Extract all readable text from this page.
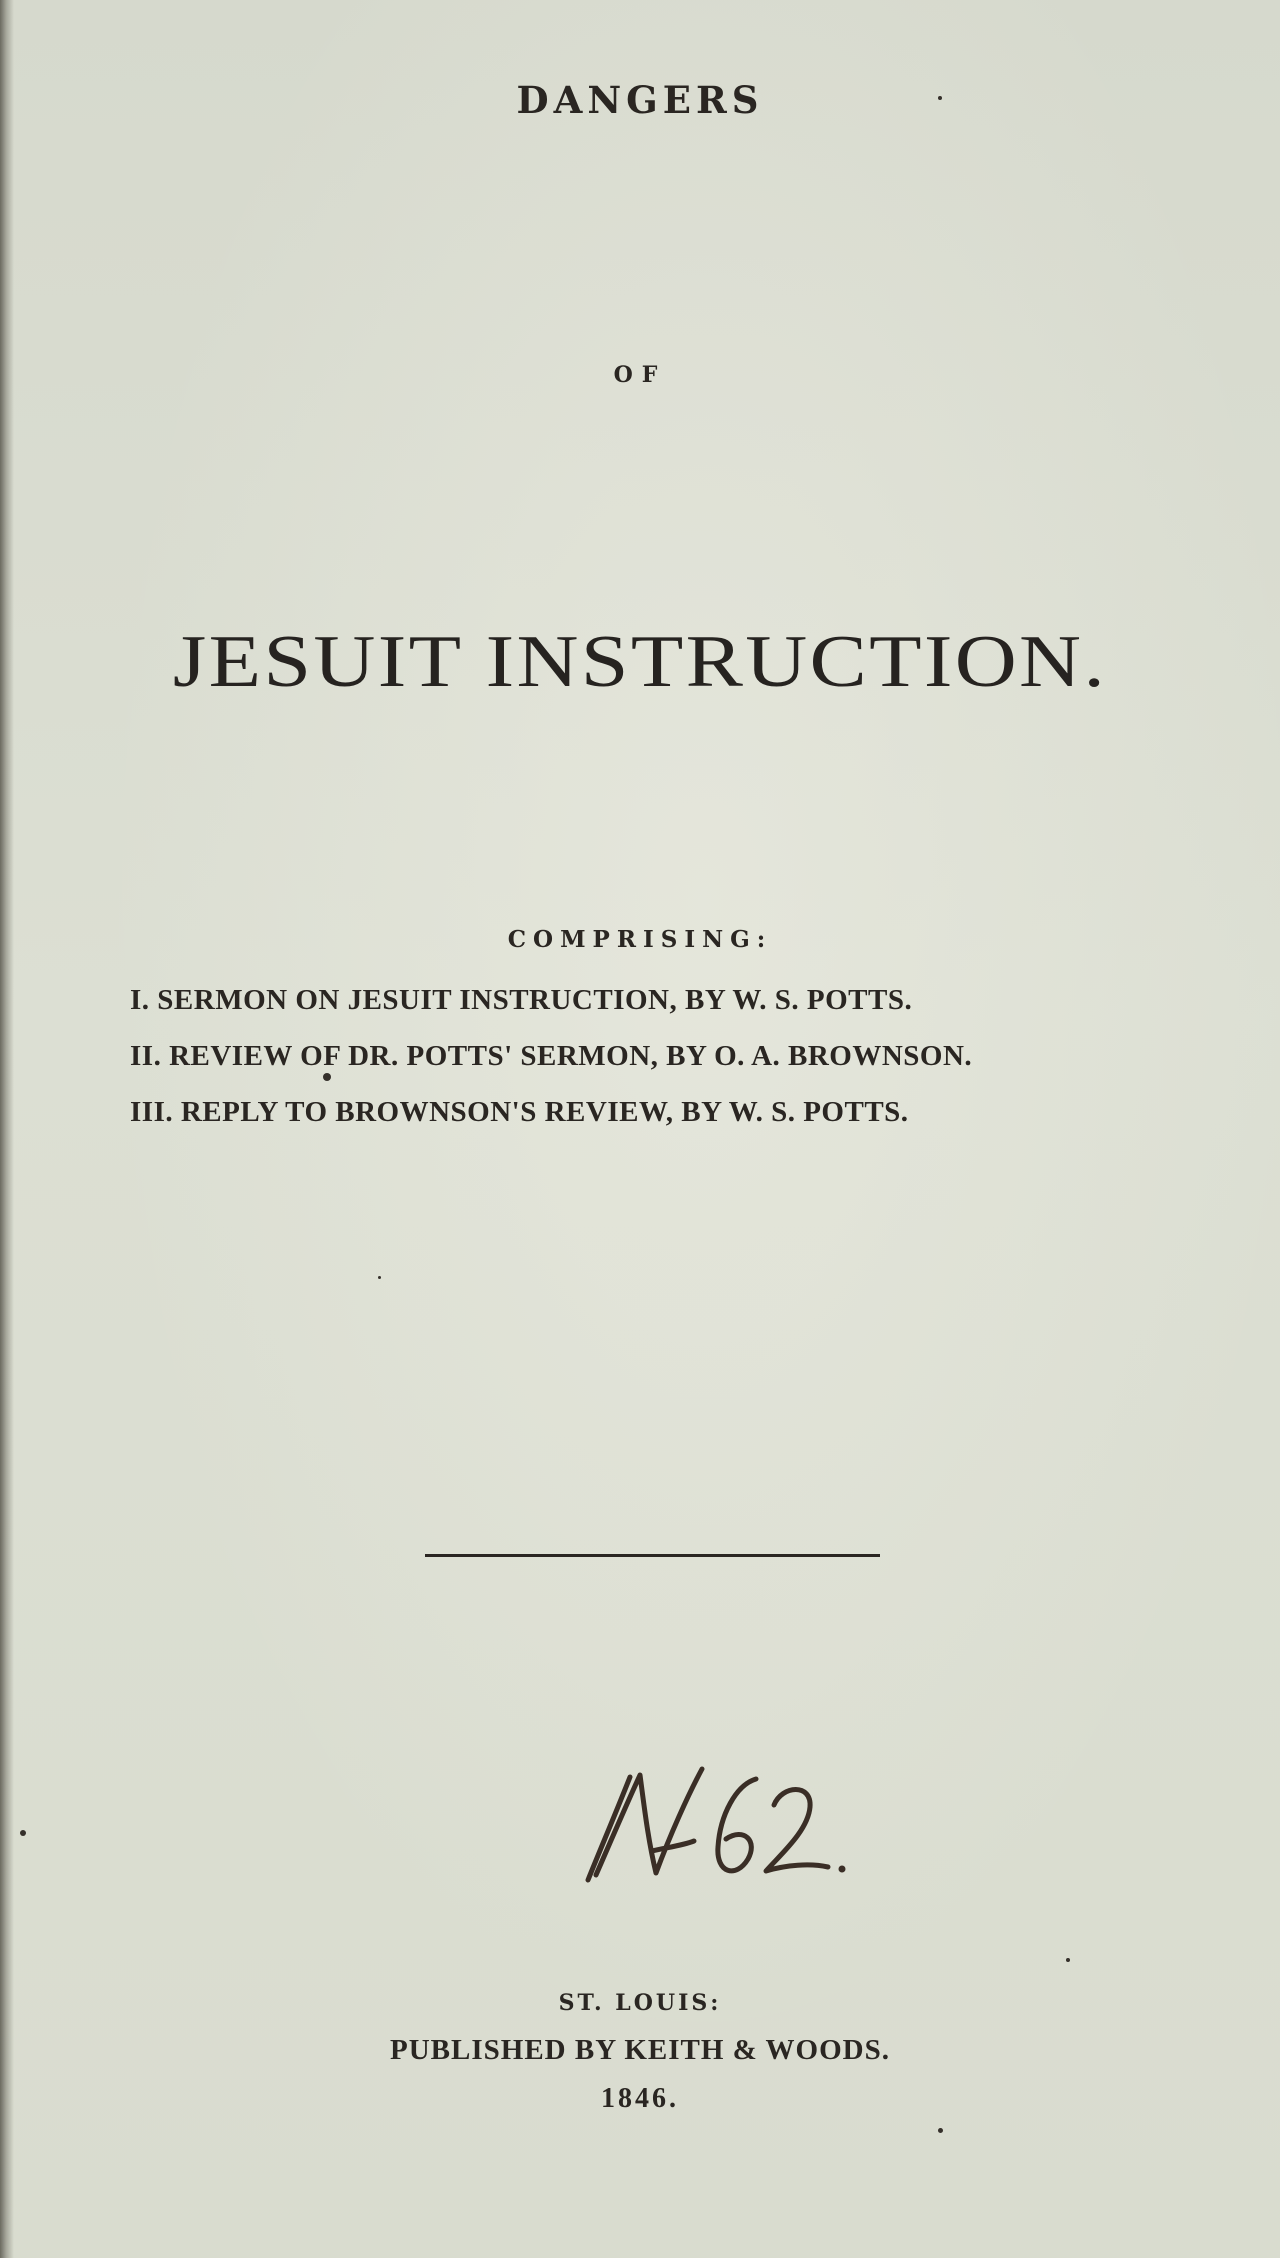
DANGERS
OF
JESUIT INSTRUCTION.
COMPRISING:
I. SERMON ON JESUIT INSTRUCTION, BY W. S. POTTS.
II. REVIEW OF DR. POTTS' SERMON, BY O. A. BROWNSON.
III. REPLY TO BROWNSON'S REVIEW, BY W. S. POTTS.
ST. LOUIS:
PUBLISHED BY KEITH & WOODS.
1846.
